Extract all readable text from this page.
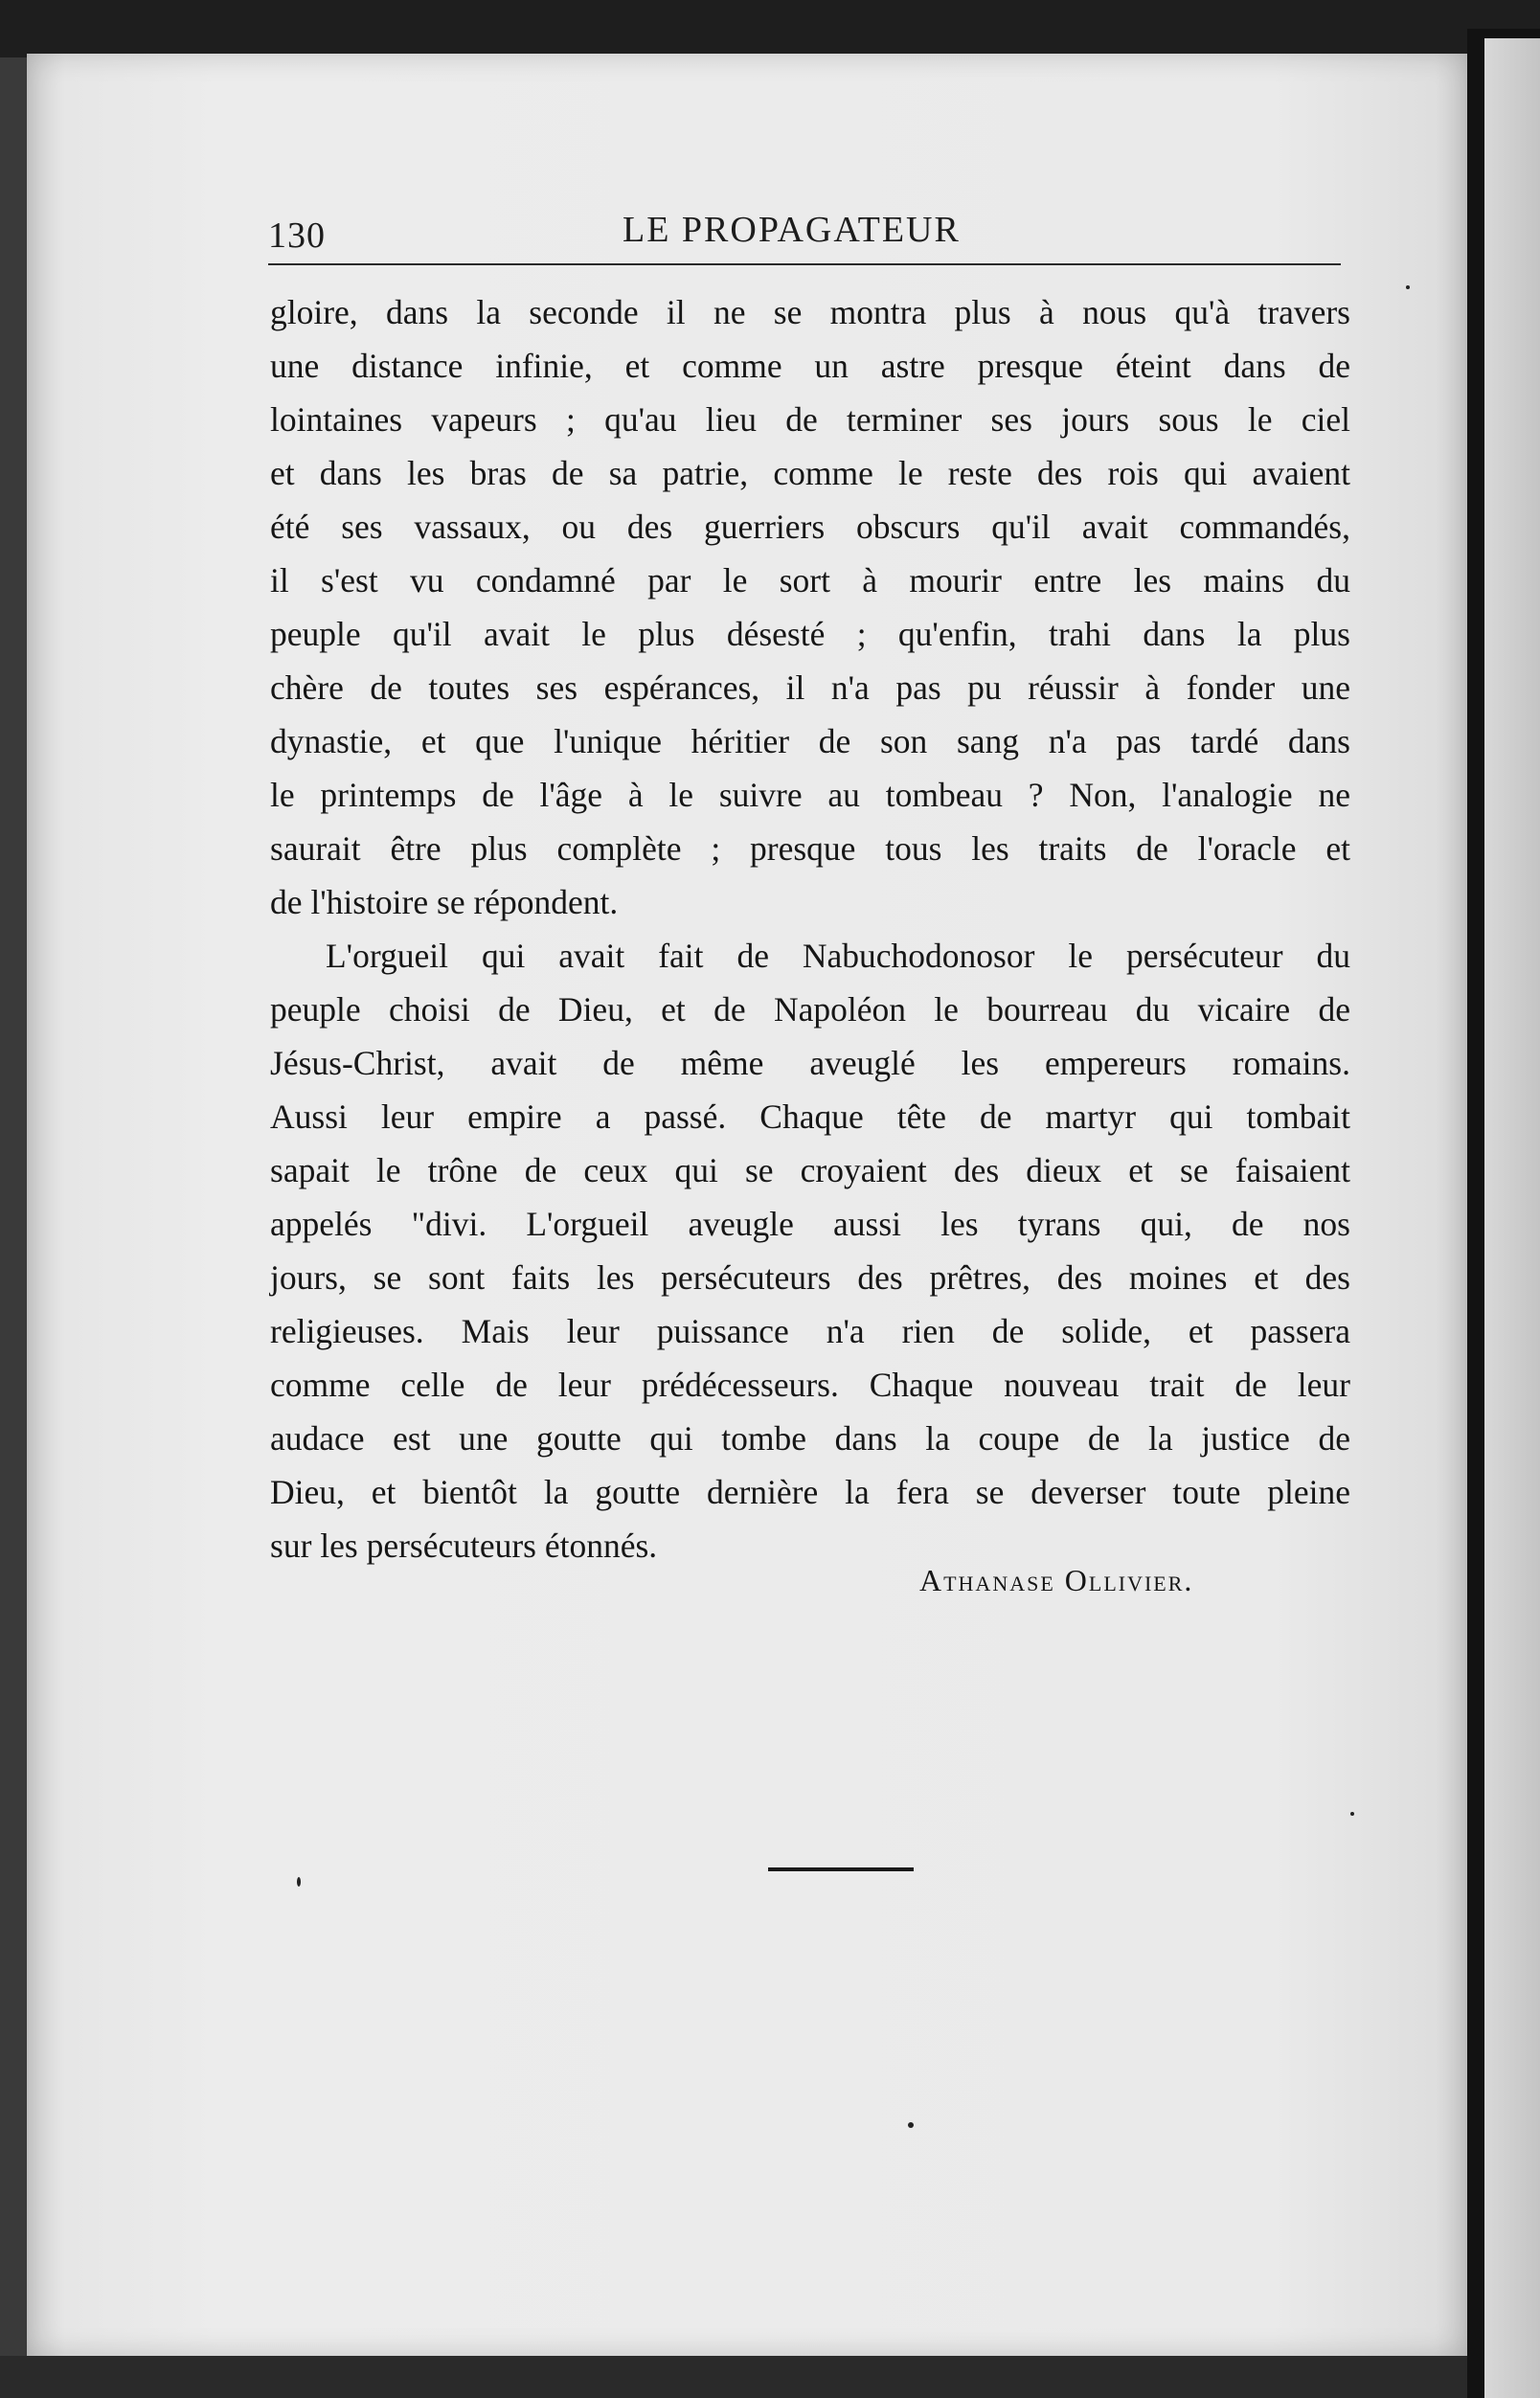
130	LE PROPAGATEUR
gloire, dans la seconde il ne se montra plus à nous qu'à travers
une distance infinie, et comme un astre presque éteint dans de
lointaines vapeurs ; qu'au lieu de terminer ses jours sous le ciel
et dans les bras de sa patrie, comme le reste des rois qui avaient
été ses vassaux, ou des guerriers obscurs qu'il avait commandés,
il s'est vu condamné par le sort à mourir entre les mains du
peuple qu'il avait le plus désesté ; qu'enfin, trahi dans la plus
chère de toutes ses espérances, il n'a pas pu réussir à fonder une
dynastie, et que l'unique héritier de son sang n'a pas tardé dans
le printemps de l'âge à le suivre au tombeau ? Non, l'analogie ne
saurait être plus complète ; presque tous les traits de l'oracle et
de l'histoire se répondent.
L'orgueil qui avait fait de Nabuchodonosor le persécuteur du
peuple choisi de Dieu, et de Napoléon le bourreau du vicaire de
Jésus-Christ, avait de même aveuglé les empereurs romains.
Aussi leur empire a passé. Chaque tête de martyr qui tombait
sapait le trône de ceux qui se croyaient des dieux et se faisaient
appelés "divi. L'orgueil aveugle aussi les tyrans qui, de nos
jours, se sont faits les persécuteurs des prêtres, des moines et des
religieuses. Mais leur puissance n'a rien de solide, et passera
comme celle de leur prédécesseurs. Chaque nouveau trait de leur
audace est une goutte qui tombe dans la coupe de la justice de
Dieu, et bientôt la goutte dernière la fera se deverser toute pleine
sur les persécuteurs étonnés.
Athanase Ollivier.
